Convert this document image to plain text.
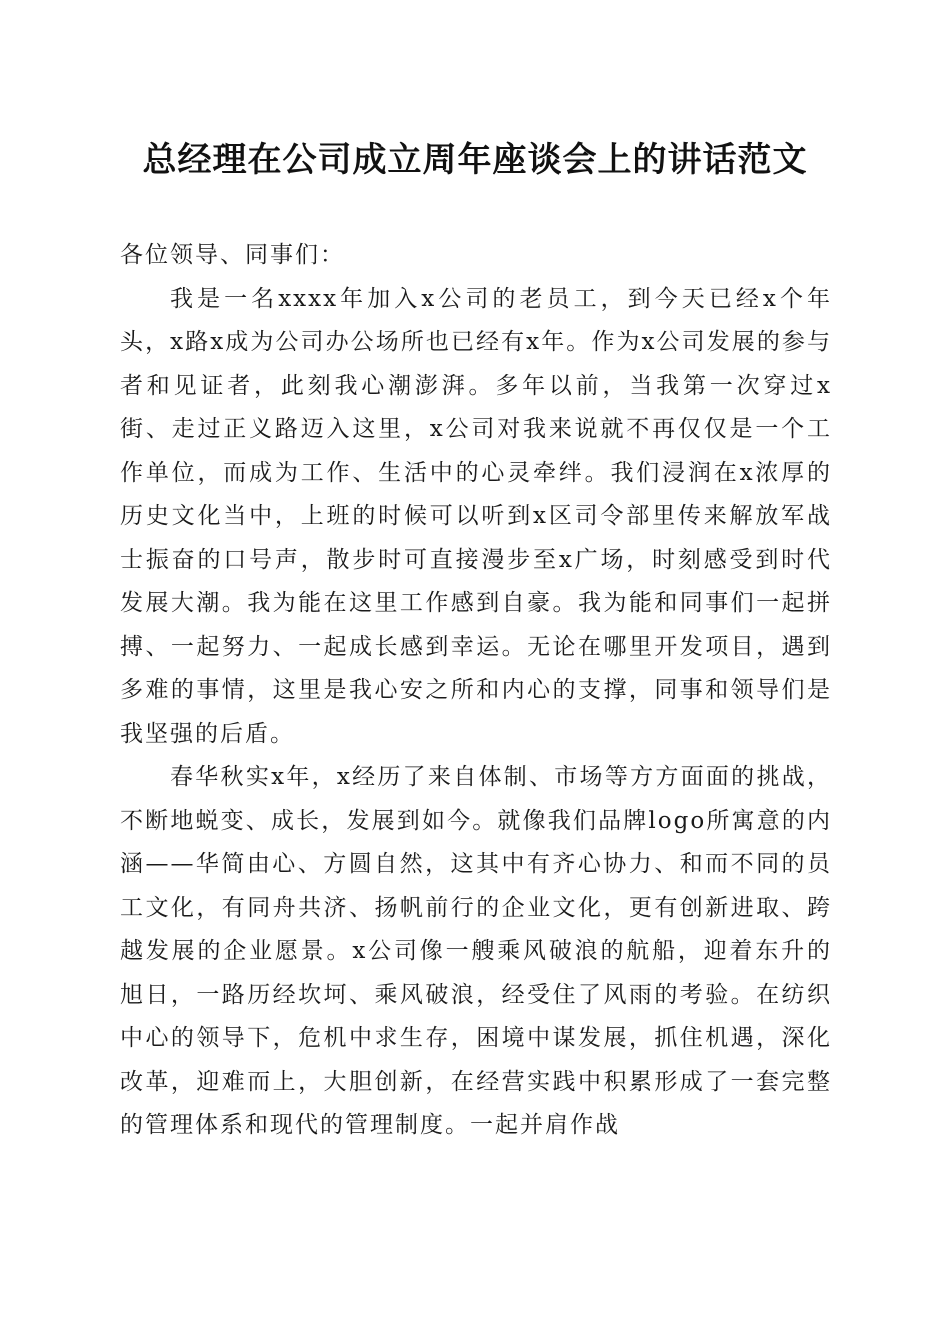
总经理在公司成立周年座谈会上的讲话范文

各位领导、同事们：

我是一名xxxx年加入x公司的老员工，到今天已经x个年头，x路x成为公司办公场所也已经有x年。作为x公司发展的参与者和见证者，此刻我心潮澎湃。多年以前，当我第一次穿过x街、走过正义路迈入这里，x公司对我来说就不再仅仅是一个工作单位，而成为工作、生活中的心灵牵绊。我们浸润在x浓厚的历史文化当中，上班的时候可以听到x区司令部里传来解放军战士振奋的口号声，散步时可直接漫步至x广场，时刻感受到时代发展大潮。我为能在这里工作感到自豪。我为能和同事们一起拼搏、一起努力、一起成长感到幸运。无论在哪里开发项目，遇到多难的事情，这里是我心安之所和内心的支撑，同事和领导们是我坚强的后盾。

春华秋实x年，x经历了来自体制、市场等方方面面的挑战，不断地蜕变、成长，发展到如今。就像我们品牌logo所寓意的内涵——华简由心、方圆自然，这其中有齐心协力、和而不同的员工文化，有同舟共济、扬帆前行的企业文化，更有创新进取、跨越发展的企业愿景。x公司像一艘乘风破浪的航船，迎着东升的旭日，一路历经坎坷、乘风破浪，经受住了风雨的考验。在纺织中心的领导下，危机中求生存，困境中谋发展，抓住机遇，深化改革，迎难而上，大胆创新，在经营实践中积累形成了一套完整的管理体系和现代的管理制度。一起并肩作战
